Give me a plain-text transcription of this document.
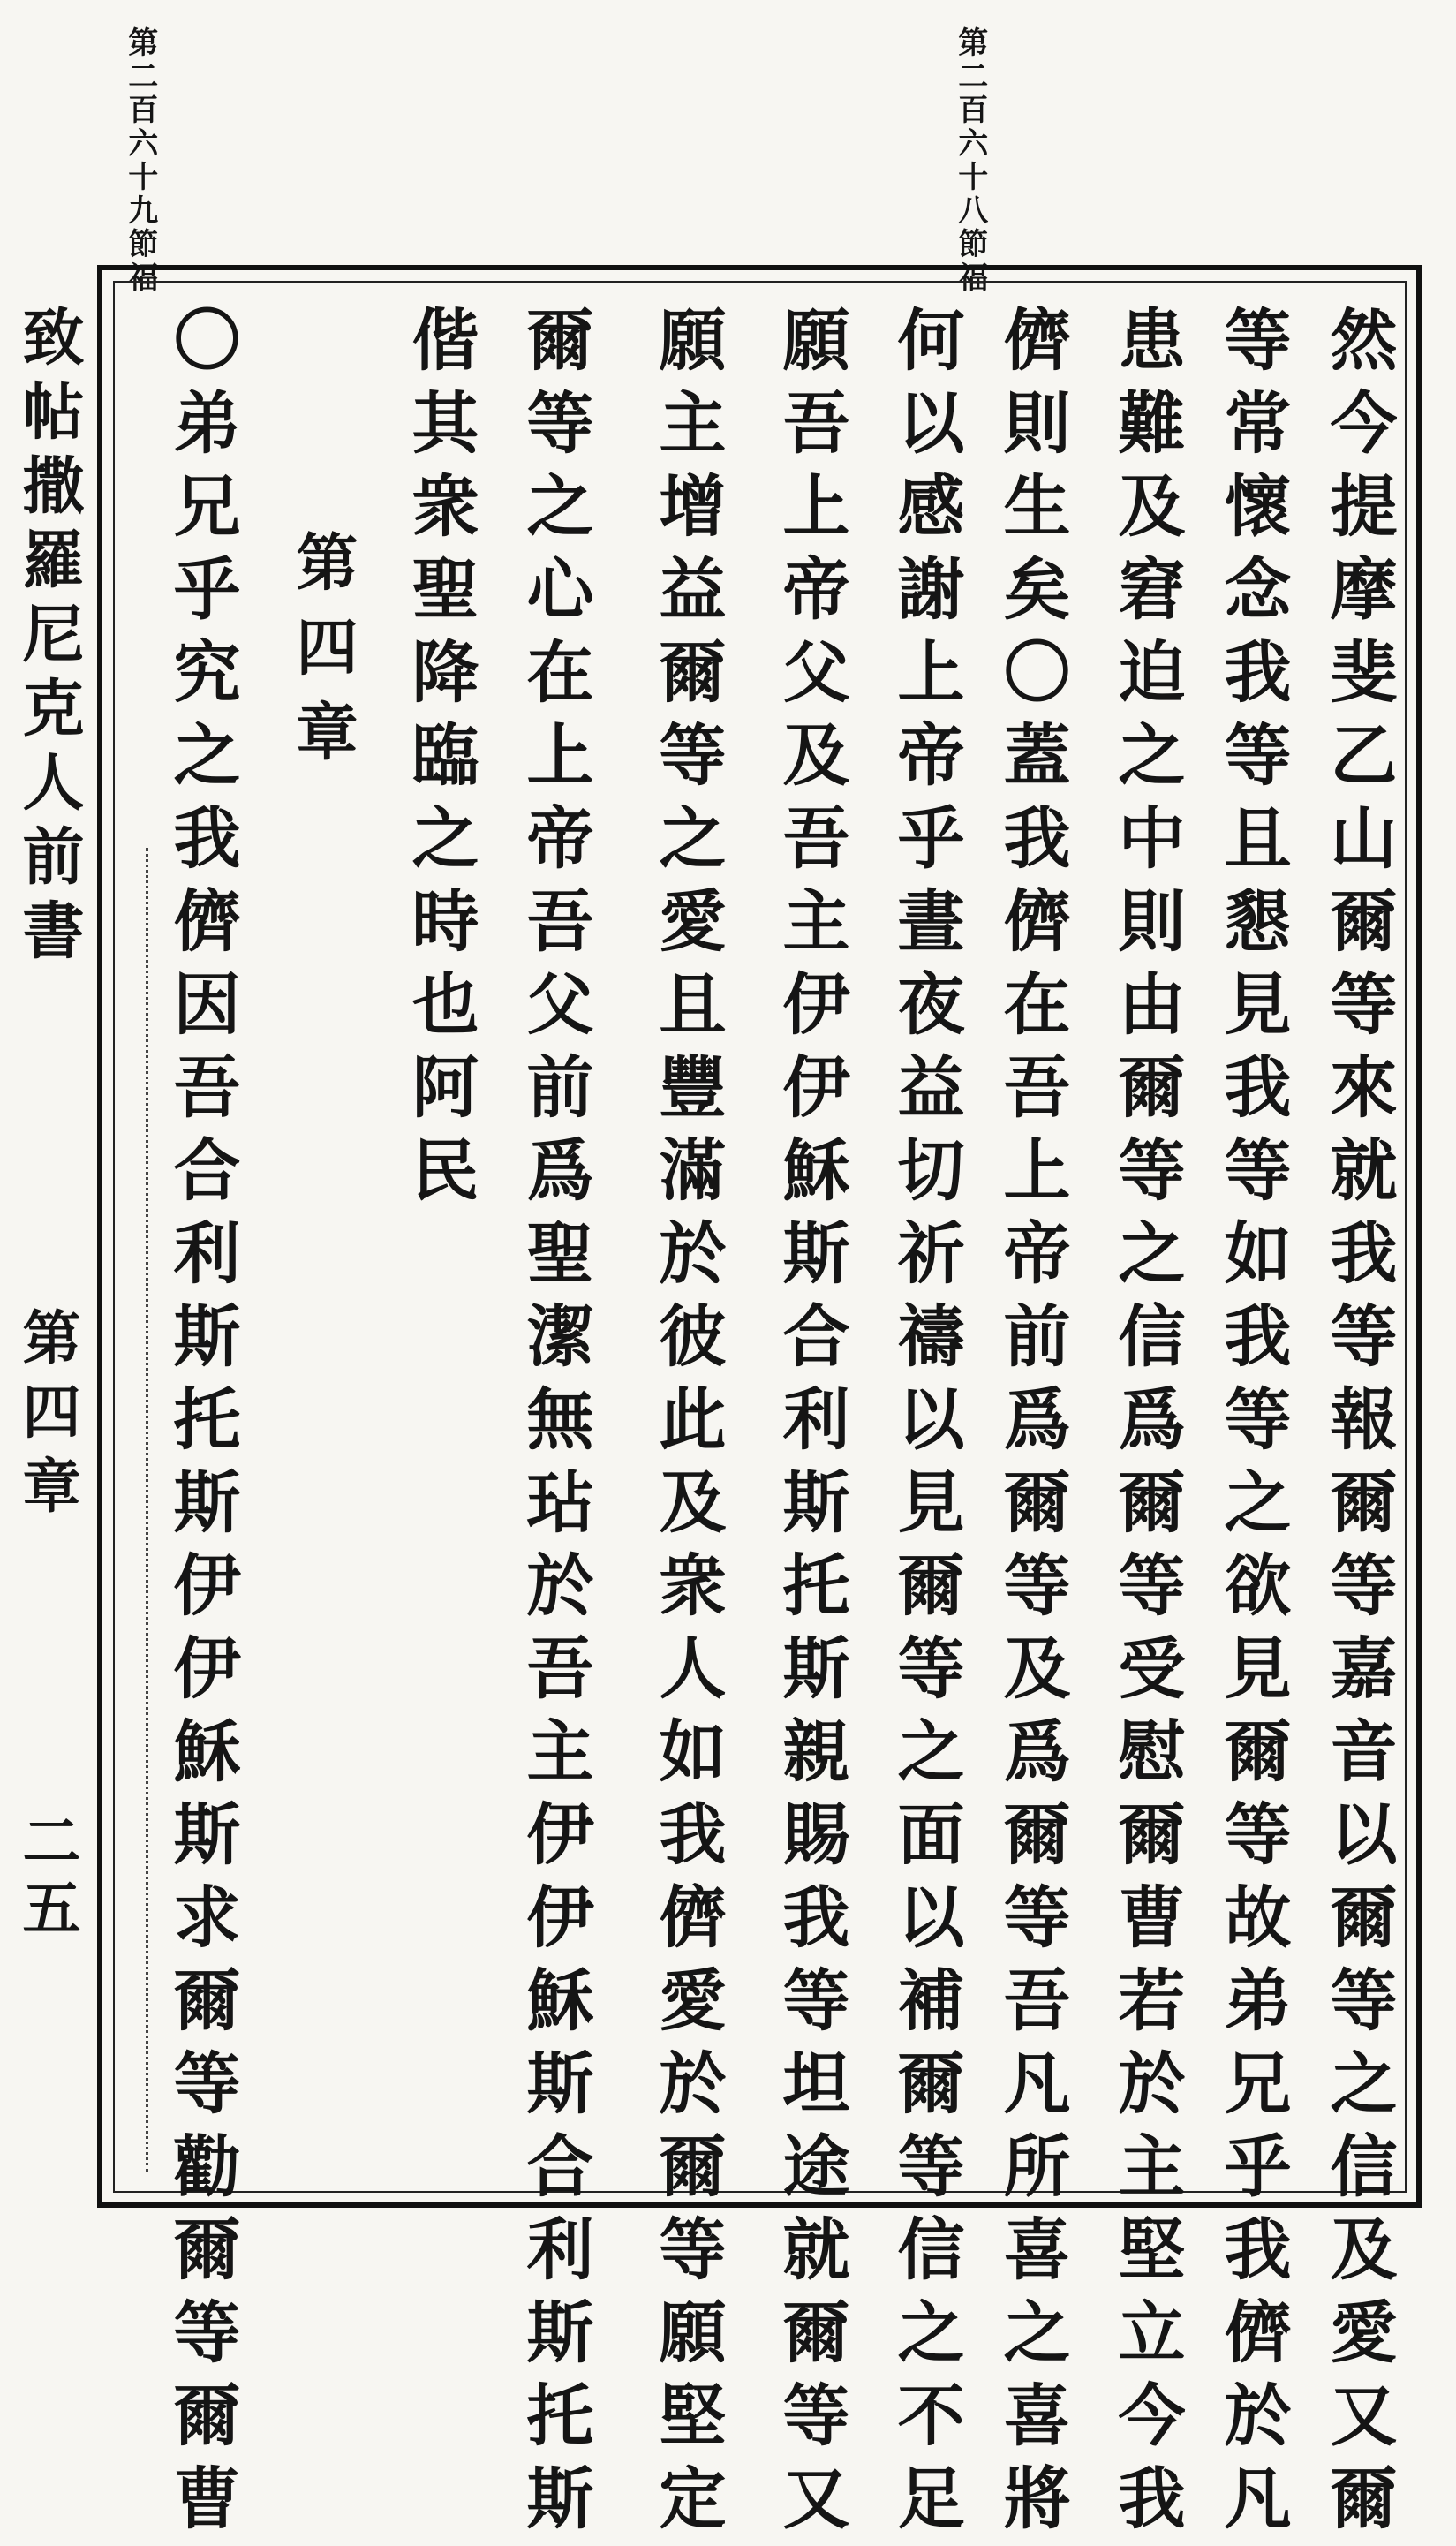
第二百六十八節福
第二百六十九節福
然今提摩斐乙山爾等來就我等報爾等嘉音以爾等之信及愛又爾
等常懷念我等且懇見我等如我等之欲見爾等故弟兄乎我儕於凡
患難及窘迫之中則由爾等之信爲爾等受慰爾曹若於主堅立今我
儕則生矣〇蓋我儕在吾上帝前爲爾等及爲爾等吾凡所喜之喜將
何以感謝上帝乎晝夜益切祈禱以見爾等之面以補爾等信之不足
願吾上帝父及吾主伊伊穌斯合利斯托斯親賜我等坦途就爾等又
願主增益爾等之愛且豐滿於彼此及衆人如我儕愛於爾等願堅定
爾等之心在上帝吾父前爲聖潔無玷於吾主伊伊穌斯合利斯托斯
偕其衆聖降臨之時也阿民
第四章
〇弟兄乎究之我儕因吾合利斯托斯伊伊穌斯求爾等勸爾等爾曹
致帖撒羅尼克人前書
第四章
二五
